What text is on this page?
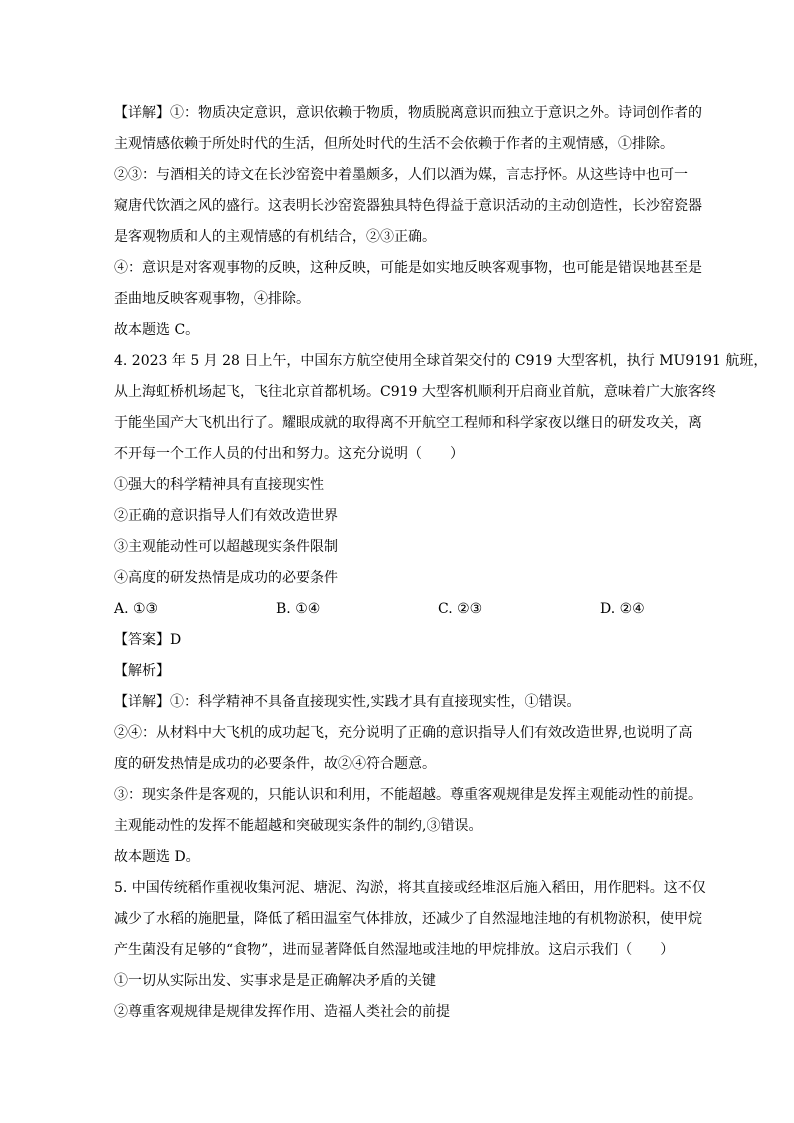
【详解】①：物质决定意识，意识依赖于物质，物质脱离意识而独立于意识之外。诗词创作者的
主观情感依赖于所处时代的生活，但所处时代的生活不会依赖于作者的主观情感，①排除。
②③：与酒相关的诗文在长沙窑瓷中着墨颇多，人们以酒为媒，言志抒怀。从这些诗中也可一
窥唐代饮酒之风的盛行。这表明长沙窑瓷器独具特色得益于意识活动的主动创造性，长沙窑瓷器
是客观物质和人的主观情感的有机结合，②③正确。
④：意识是对客观事物的反映，这种反映，可能是如实地反映客观事物，也可能是错误地甚至是
歪曲地反映客观事物，④排除。
故本题选 C。
4. 2023 年 5 月 28 日上午，中国东方航空使用全球首架交付的 C919 大型客机，执行 MU9191 航班，
从上海虹桥机场起飞，飞往北京首都机场。C919 大型客机顺利开启商业首航，意味着广大旅客终
于能坐国产大飞机出行了。耀眼成就的取得离不开航空工程师和科学家夜以继日的研发攻关，离
不开每一个工作人员的付出和努力。这充分说明（　　）
①强大的科学精神具有直接现实性
②正确的意识指导人们有效改造世界
③主观能动性可以超越现实条件限制
④高度的研发热情是成功的必要条件
A. ①③	B. ①④	C. ②③	D. ②④
【答案】D
【解析】
【详解】①：科学精神不具备直接现实性,实践才具有直接现实性，①错误。
②④：从材料中大飞机的成功起飞，充分说明了正确的意识指导人们有效改造世界,也说明了高
度的研发热情是成功的必要条件，故②④符合题意。
③：现实条件是客观的，只能认识和利用，不能超越。尊重客观规律是发挥主观能动性的前提。
主观能动性的发挥不能超越和突破现实条件的制约,③错误。
故本题选 D。
5. 中国传统稻作重视收集河泥、塘泥、沟淤，将其直接或经堆沤后施入稻田，用作肥料。这不仅
减少了水稻的施肥量，降低了稻田温室气体排放，还减少了自然湿地洼地的有机物淤积，使甲烷
产生菌没有足够的“食物”，进而显著降低自然湿地或洼地的甲烷排放。这启示我们（　　）
①一切从实际出发、实事求是是正确解决矛盾的关键
②尊重客观规律是规律发挥作用、造福人类社会的前提
